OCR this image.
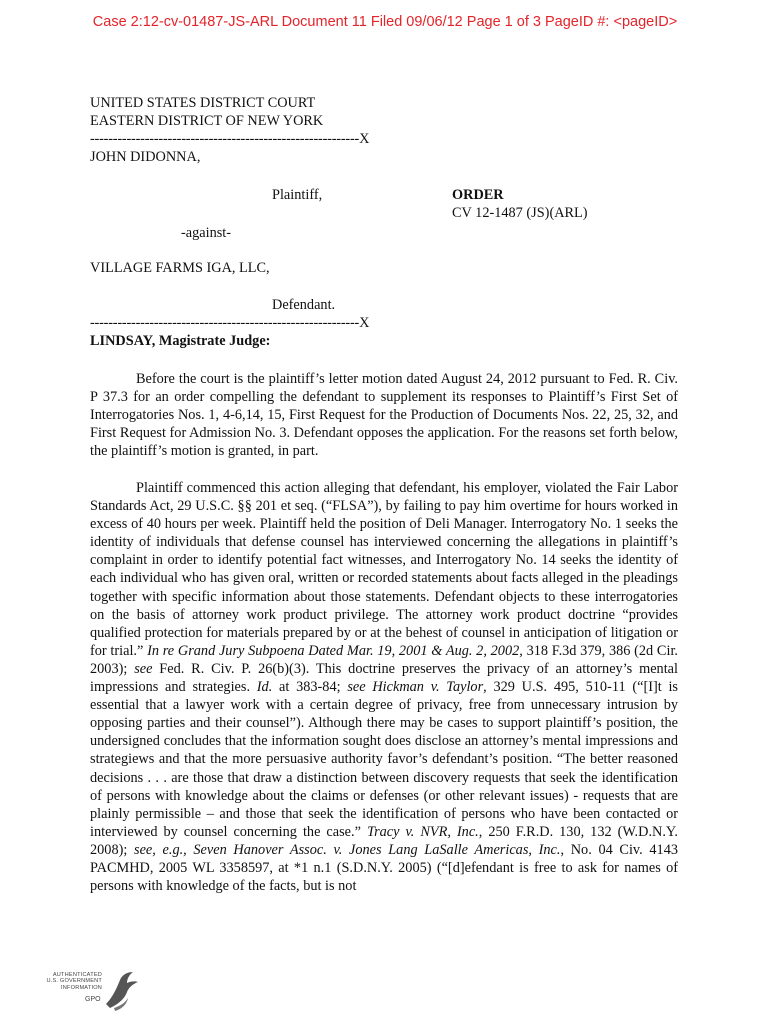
Case 2:12-cv-01487-JS-ARL Document 11 Filed 09/06/12 Page 1 of 3 PageID #: <pageID>
UNITED STATES DISTRICT COURT
EASTERN DISTRICT OF NEW YORK
-----------------------------------------------------------X
JOHN DIDONNA,
Plaintiff,	ORDER
CV 12-1487 (JS)(ARL)
-against-
VILLAGE FARMS IGA, LLC,
Defendant.
-----------------------------------------------------------X
LINDSAY, Magistrate Judge:
Before the court is the plaintiff’s letter motion dated August 24, 2012 pursuant to Fed. R. Civ. P 37.3 for an order compelling the defendant to supplement its responses to Plaintiff’s First Set of Interrogatories Nos. 1, 4-6,14, 15, First Request for the Production of Documents Nos. 22, 25, 32, and First Request for Admission No. 3. Defendant opposes the application. For the reasons set forth below, the plaintiff’s motion is granted, in part.
Plaintiff commenced this action alleging that defendant, his employer, violated the Fair Labor Standards Act, 29 U.S.C. §§ 201 et seq. (“FLSA”), by failing to pay him overtime for hours worked in excess of 40 hours per week. Plaintiff held the position of Deli Manager. Interrogatory No. 1 seeks the identity of individuals that defense counsel has interviewed concerning the allegations in plaintiff’s complaint in order to identify potential fact witnesses, and Interrogatory No. 14 seeks the identity of each individual who has given oral, written or recorded statements about facts alleged in the pleadings together with specific information about those statements. Defendant objects to these interrogatories on the basis of attorney work product privilege. The attorney work product doctrine “provides qualified protection for materials prepared by or at the behest of counsel in anticipation of litigation or for trial.” In re Grand Jury Subpoena Dated Mar. 19, 2001 & Aug. 2, 2002, 318 F.3d 379, 386 (2d Cir. 2003); see Fed. R. Civ. P. 26(b)(3). This doctrine preserves the privacy of an attorney’s mental impressions and strategies. Id. at 383-84; see Hickman v. Taylor, 329 U.S. 495, 510-11 (“[I]t is essential that a lawyer work with a certain degree of privacy, free from unnecessary intrusion by opposing parties and their counsel”). Although there may be cases to support plaintiff’s position, the undersigned concludes that the information sought does disclose an attorney’s mental impressions and strategiews and that the more persuasive authority favor’s defendant’s position. “The better reasoned decisions . . . are those that draw a distinction between discovery requests that seek the identification of persons with knowledge about the claims or defenses (or other relevant issues) - requests that are plainly permissible – and those that seek the identification of persons who have been contacted or interviewed by counsel concerning the case.” Tracy v. NVR, Inc., 250 F.R.D. 130, 132 (W.D.N.Y. 2008); see, e.g., Seven Hanover Assoc. v. Jones Lang LaSalle Americas, Inc., No. 04 Civ. 4143 PACMHD, 2005 WL 3358597, at *1 n.1 (S.D.N.Y. 2005) (“[d]efendant is free to ask for names of persons with knowledge of the facts, but is not
AUTHENTICATED
U.S. GOVERNMENT
INFORMATION
GPO
